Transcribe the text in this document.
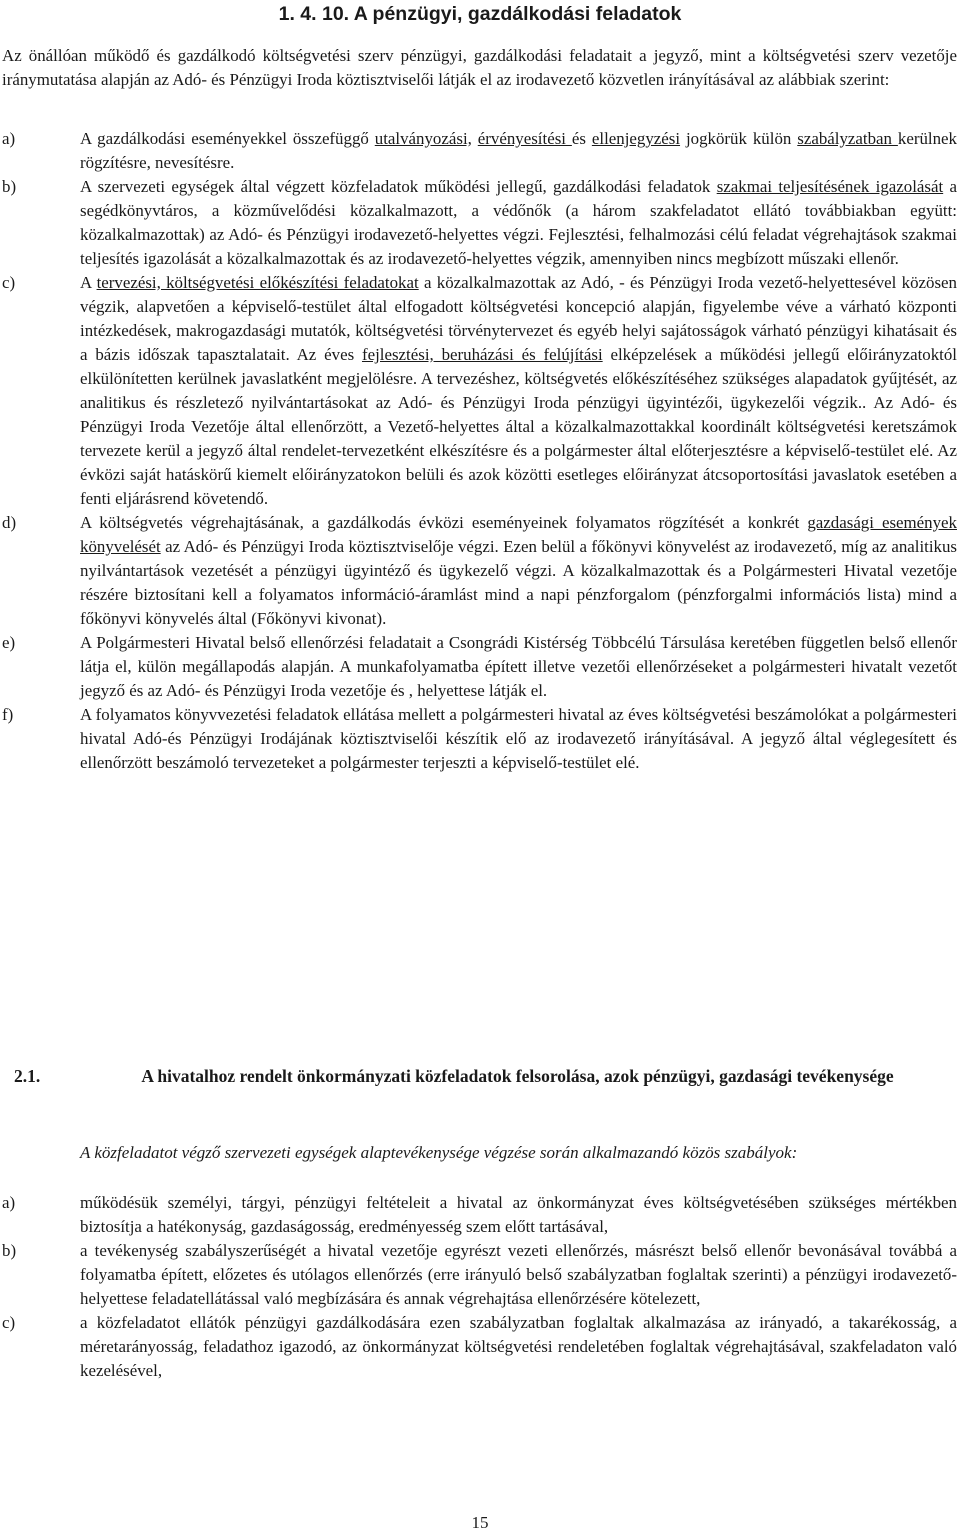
1. 4. 10. A pénzügyi, gazdálkodási feladatok

Az önállóan működő és gazdálkodó költségvetési szerv pénzügyi, gazdálkodási feladatait a jegyző, mint a költségvetési szerv vezetője iránymutatása alapján az Adó- és Pénzügyi Iroda köztisztviselői látják el az irodavezető közvetlen irányításával az alábbiak szerint:

a)	A gazdálkodási eseményekkel összefüggő utalványozási, érvényesítési és ellenjegyzési jogkörük külön szabályzatban kerülnek rögzítésre, nevesítésre.
b)	A szervezeti egységek által végzett közfeladatok működési jellegű, gazdálkodási feladatok szakmai teljesítésének igazolását a segédkönyvtáros, a közművelődési közalkalmazott, a védőnők (a három szakfeladatot ellátó továbbiakban együtt: közalkalmazottak) az Adó- és Pénzügyi irodavezető-helyettes végzi. Fejlesztési, felhalmozási célú feladat végrehajtások szakmai teljesítés igazolását a közalkalmazottak és az irodavezető-helyettes végzik, amennyiben nincs megbízott műszaki ellenőr.
c)	A tervezési, költségvetési előkészítési feladatokat a közalkalmazottak az Adó, - és Pénzügyi Iroda vezető-helyettesével közösen végzik, alapvetően a képviselő-testület által elfogadott költségvetési koncepció alapján, figyelembe véve a várható központi intézkedések, makrogazdasági mutatók, költségvetési törvénytervezet és egyéb helyi sajátosságok várható pénzügyi kihatásait és a bázis időszak tapasztalatait. Az éves fejlesztési, beruházási és felújítási elképzelések a működési jellegű előirányzatoktól elkülönítetten kerülnek javaslatként megjelölésre. A tervezéshez, költségvetés előkészítéséhez szükséges alapadatok gyűjtését, az analitikus és részletező nyilvántartásokat az Adó- és Pénzügyi Iroda pénzügyi ügyintézői, ügykezelői végzik.. Az Adó- és Pénzügyi Iroda Vezetője által ellenőrzött, a Vezető-helyettes által a közalkalmazottakkal koordinált költségvetési keretszámok tervezete kerül a jegyző által rendelet-tervezetként elkészítésre és a polgármester által előterjesztésre a képviselő-testület elé. Az évközi saját hatáskörű kiemelt előirányzatokon belüli és azok közötti esetleges előirányzat átcsoportosítási javaslatok esetében a fenti eljárásrend követendő.
d)	A költségvetés végrehajtásának, a gazdálkodás évközi eseményeinek folyamatos rögzítését a konkrét gazdasági események könyvelését az Adó- és Pénzügyi Iroda köztisztviselője végzi. Ezen belül a főkönyvi könyvelést az irodavezető, míg az analitikus nyilvántartások vezetését a pénzügyi ügyintéző és ügykezelő végzi. A közalkalmazottak és a Polgármesteri Hivatal vezetője részére biztosítani kell a folyamatos információ-áramlást mind a napi pénzforgalom (pénzforgalmi információs lista) mind a főkönyvi könyvelés által (Főkönyvi kivonat).
e)	A Polgármesteri Hivatal belső ellenőrzési feladatait a Csongrádi Kistérség Többcélú Társulása keretében független belső ellenőr látja el, külön megállapodás alapján. A munkafolyamatba épített illetve vezetői ellenőrzéseket a polgármesteri hivatalt vezetőt jegyző és az Adó- és Pénzügyi Iroda vezetője és , helyettese látják el.
f)	A folyamatos könyvvezetési feladatok ellátása mellett a polgármesteri hivatal az éves költségvetési beszámolókat a polgármesteri hivatal Adó-és Pénzügyi Irodájának köztisztviselői készítik elő az irodavezető irányításával. A jegyző által véglegesített és ellenőrzött beszámoló tervezeteket a polgármester terjeszti a képviselő-testület elé.
2.1.	A hivatalhoz rendelt önkormányzati közfeladatok felsorolása, azok pénzügyi, gazdasági tevékenysége

A közfeladatot végző szervezeti egységek alaptevékenysége végzése során alkalmazandó közös szabályok:

a)	működésük személyi, tárgyi, pénzügyi feltételeit a hivatal az önkormányzat éves költségvetésében szükséges mértékben biztosítja a hatékonyság, gazdaságosság, eredményesség szem előtt tartásával,
b)	a tevékenység szabályszerűségét a hivatal vezetője egyrészt vezeti ellenőrzés, másrészt belső ellenőr bevonásával továbbá a folyamatba épített, előzetes és utólagos ellenőrzés (erre irányuló belső szabályzatban foglaltak szerinti) a pénzügyi irodavezető-helyettese feladatellátással való megbízására és annak végrehajtása ellenőrzésére kötelezett,
c)	a közfeladatot ellátók pénzügyi gazdálkodására ezen szabályzatban foglaltak alkalmazása az irányadó, a takarékosság, a méretarányosság, feladathoz igazodó, az önkormányzat költségvetési rendeletében foglaltak végrehajtásával, szakfeladaton való kezelésével,
15
